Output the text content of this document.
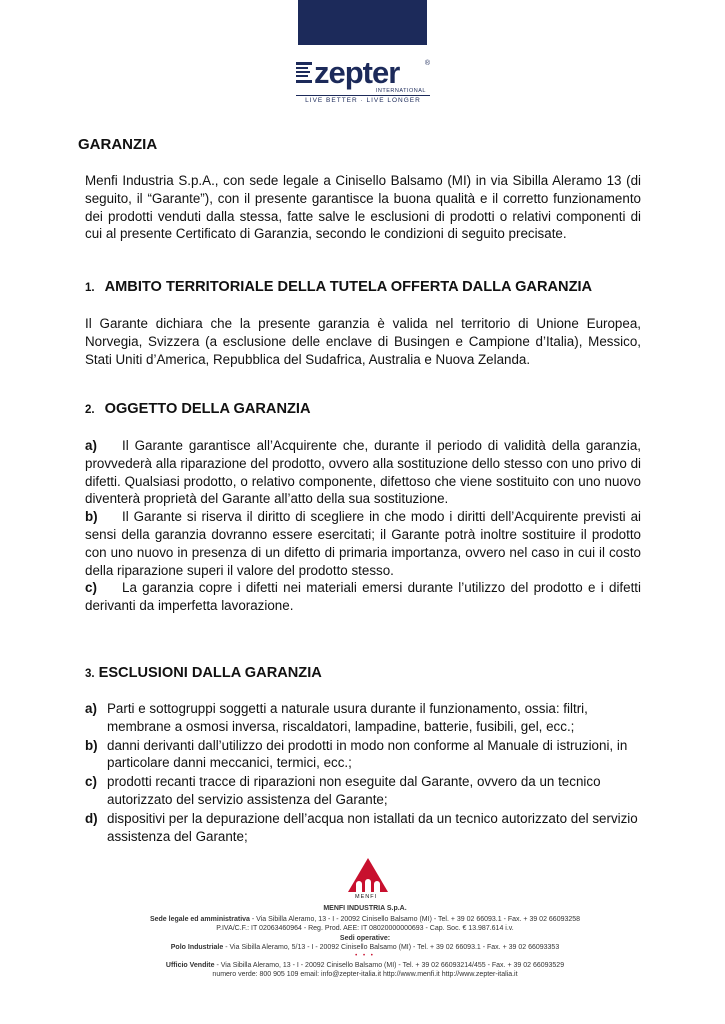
zepter	®
INTERNATIONAL
LIVE BETTER · LIVE LONGER
GARANZIA

Menfi Industria S.p.A., con sede legale a Cinisello Balsamo (MI) in via Sibilla Aleramo 13 (di seguito, il “Garante”), con il presente garantisce la buona qualità e il corretto funzionamento dei prodotti venduti dalla stessa, fatte salve le esclusioni di prodotti o relativi componenti di cui al presente Certificato di Garanzia, secondo le condizioni di seguito precisate.

1. AMBITO TERRITORIALE DELLA TUTELA OFFERTA DALLA GARANZIA

Il Garante dichiara che la presente garanzia è valida nel territorio di Unione Europea, Norvegia, Svizzera (a esclusione delle enclave di Busingen e Campione d’Italia), Messico, Stati Uniti d’America, Repubblica del Sudafrica, Australia e Nuova Zelanda.

2. OGGETTO DELLA GARANZIA

a) Il Garante garantisce all’Acquirente che, durante il periodo di validità della garanzia, provvederà alla riparazione del prodotto, ovvero alla sostituzione dello stesso con uno privo di difetti. Qualsiasi prodotto, o relativo componente, difettoso che viene sostituito con uno nuovo diventerà proprietà del Garante all’atto della sua sostituzione.

b) Il Garante si riserva il diritto di scegliere in che modo i diritti dell’Acquirente previsti ai sensi della garanzia dovranno essere esercitati; il Garante potrà inoltre sostituire il prodotto con uno nuovo in presenza di un difetto di primaria importanza, ovvero nel caso in cui il costo della riparazione superi il valore del prodotto stesso.

c) La garanzia copre i difetti nei materiali emersi durante l’utilizzo del prodotto e i difetti derivanti da imperfetta lavorazione.

3. ESCLUSIONI DALLA GARANZIA
a) Parti e sottogruppi soggetti a naturale usura durante il funzionamento, ossia: filtri, membrane a osmosi inversa, riscaldatori, lampadine, batterie, fusibili, gel, ecc.;
b) danni derivanti dall’utilizzo dei prodotti in modo non conforme al Manuale di istruzioni, in particolare danni meccanici, termici, ecc.;
c) prodotti recanti tracce di riparazioni non eseguite dal Garante, ovvero da un tecnico autorizzato del servizio assistenza del Garante;
d) dispositivi per la depurazione dell’acqua non istallati da un tecnico autorizzato del servizio assistenza del Garante;
MENFI
MENFI INDUSTRIA S.p.A.
Sede legale ed amministrativa - Via Sibilla Aleramo, 13 - I - 20092 Cinisello Balsamo (MI) - Tel. + 39 02 66093.1 - Fax. + 39 02 66093258
P.IVA/C.F.: IT 02063460964 - Reg. Prod. AEE: IT 08020000000693 - Cap. Soc. € 13.987.614 i.v.
Sedi operative:
Polo Industriale - Via Sibilla Aleramo, 5/13 - I - 20092 Cinisello Balsamo (MI) - Tel. + 39 02 66093.1 - Fax. + 39 02 66093353
• • •
Ufficio Vendite - Via Sibilla Aleramo, 13 - I - 20092 Cinisello Balsamo (MI) - Tel. + 39 02 66093214/455 - Fax. + 39 02 66093529
numero verde: 800 905 109 email: info@zepter-italia.it http://www.menfi.it http://www.zepter-italia.it
